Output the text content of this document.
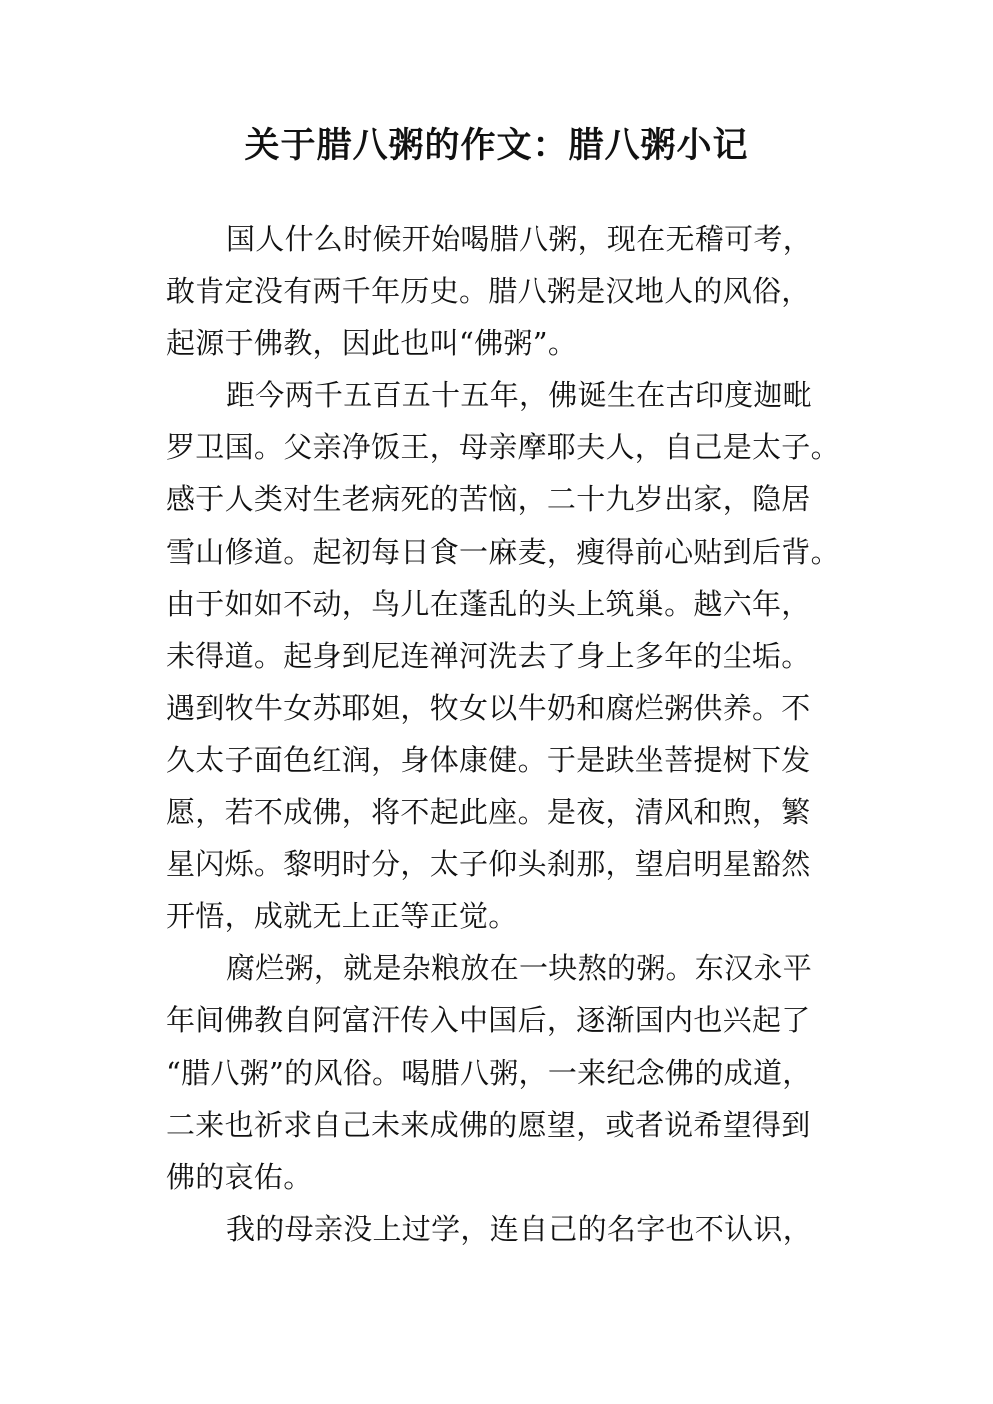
关于腊八粥的作文：腊八粥小记
国人什么时候开始喝腊八粥，现在无稽可考，
敢肯定没有两千年历史。腊八粥是汉地人的风俗，
起源于佛教，因此也叫“佛粥”。
距今两千五百五十五年，佛诞生在古印度迦毗
罗卫国。父亲净饭王，母亲摩耶夫人，自己是太子。
感于人类对生老病死的苦恼，二十九岁出家，隐居
雪山修道。起初每日食一麻麦，瘦得前心贴到后背。
由于如如不动，鸟儿在蓬乱的头上筑巢。越六年，
未得道。起身到尼连禅河洗去了身上多年的尘垢。
遇到牧牛女苏耶妲，牧女以牛奶和腐烂粥供养。不
久太子面色红润，身体康健。于是趺坐菩提树下发
愿，若不成佛，将不起此座。是夜，清风和煦，繁
星闪烁。黎明时分，太子仰头刹那，望启明星豁然
开悟，成就无上正等正觉。
腐烂粥，就是杂粮放在一块熬的粥。东汉永平
年间佛教自阿富汗传入中国后，逐渐国内也兴起了
“腊八粥”的风俗。喝腊八粥，一来纪念佛的成道，
二来也祈求自己未来成佛的愿望，或者说希望得到
佛的哀佑。
我的母亲没上过学，连自己的名字也不认识，
